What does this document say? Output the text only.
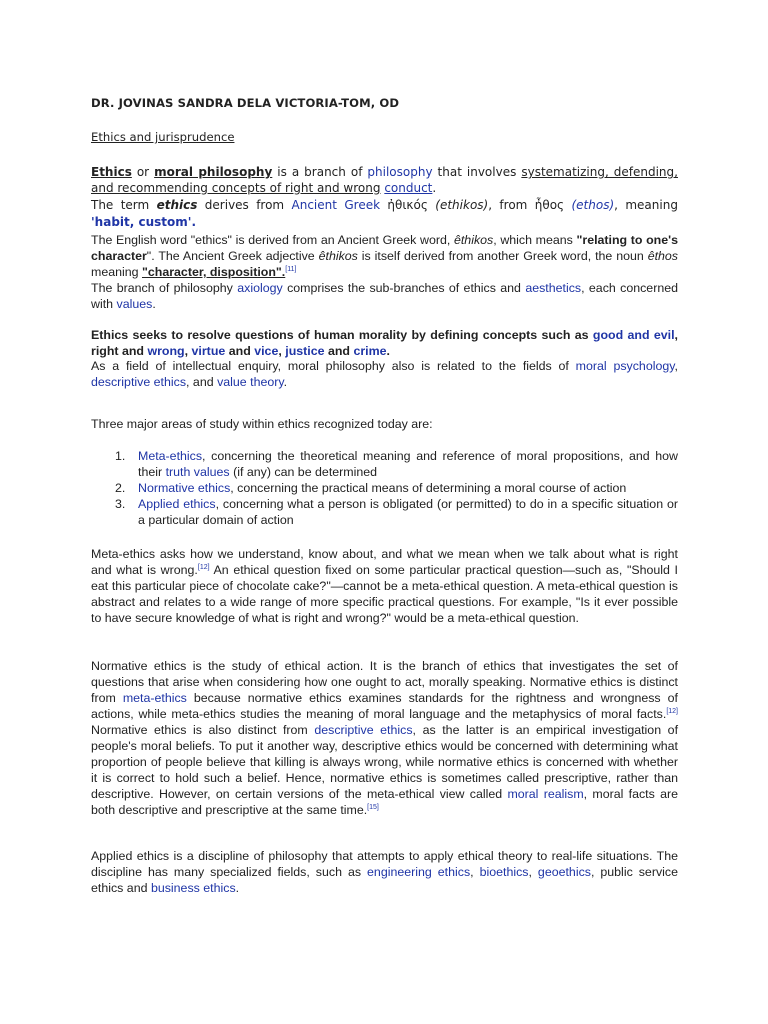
DR. JOVINAS SANDRA DELA VICTORIA-TOM, OD
Ethics and jurisprudence
Ethics or moral philosophy is a branch of philosophy that involves systematizing, defending, and recommending concepts of right and wrong conduct.
The term ethics derives from Ancient Greek ἠθικός (ethikos), from ἦθος (ethos), meaning 'habit, custom'.
The English word "ethics" is derived from an Ancient Greek word, êthikos, which means "relating to one's character". The Ancient Greek adjective êthikos is itself derived from another Greek word, the noun êthos meaning "character, disposition".[11]
The branch of philosophy axiology comprises the sub-branches of ethics and aesthetics, each concerned with values.
Ethics seeks to resolve questions of human morality by defining concepts such as good and evil, right and wrong, virtue and vice, justice and crime.
As a field of intellectual enquiry, moral philosophy also is related to the fields of moral psychology, descriptive ethics, and value theory.
Three major areas of study within ethics recognized today are:
1. Meta-ethics, concerning the theoretical meaning and reference of moral propositions, and how their truth values (if any) can be determined
2. Normative ethics, concerning the practical means of determining a moral course of action
3. Applied ethics, concerning what a person is obligated (or permitted) to do in a specific situation or a particular domain of action
Meta-ethics asks how we understand, know about, and what we mean when we talk about what is right and what is wrong.[12] An ethical question fixed on some particular practical question—such as, "Should I eat this particular piece of chocolate cake?"—cannot be a meta-ethical question. A meta-ethical question is abstract and relates to a wide range of more specific practical questions. For example, "Is it ever possible to have secure knowledge of what is right and wrong?" would be a meta-ethical question.
Normative ethics is the study of ethical action. It is the branch of ethics that investigates the set of questions that arise when considering how one ought to act, morally speaking. Normative ethics is distinct from meta-ethics because normative ethics examines standards for the rightness and wrongness of actions, while meta-ethics studies the meaning of moral language and the metaphysics of moral facts.[12] Normative ethics is also distinct from descriptive ethics, as the latter is an empirical investigation of people's moral beliefs. To put it another way, descriptive ethics would be concerned with determining what proportion of people believe that killing is always wrong, while normative ethics is concerned with whether it is correct to hold such a belief. Hence, normative ethics is sometimes called prescriptive, rather than descriptive. However, on certain versions of the meta-ethical view called moral realism, moral facts are both descriptive and prescriptive at the same time.[15]
Applied ethics is a discipline of philosophy that attempts to apply ethical theory to real-life situations. The discipline has many specialized fields, such as engineering ethics, bioethics, geoethics, public service ethics and business ethics.
